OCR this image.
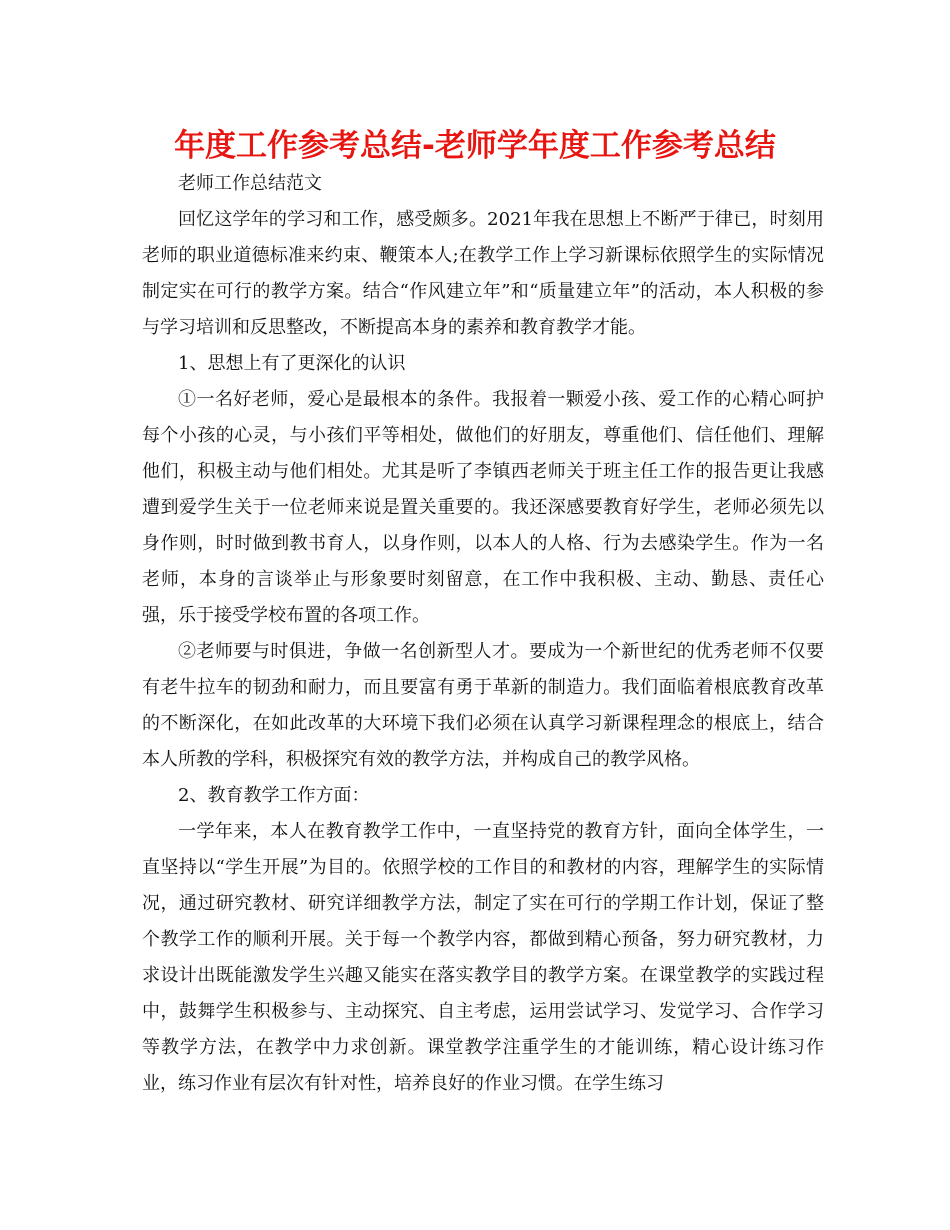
年度工作参考总结-老师学年度工作参考总结

老师工作总结范文

回忆这学年的学习和工作，感受颇多。2021年我在思想上不断严于律已，时刻用老师的职业道德标准来约束、鞭策本人;在教学工作上学习新课标依照学生的实际情况制定实在可行的教学方案。结合“作风建立年”和“质量建立年”的活动，本人积极的参与学习培训和反思整改，不断提高本身的素养和教育教学才能。

1、思想上有了更深化的认识

①一名好老师，爱心是最根本的条件。我报着一颗爱小孩、爱工作的心精心呵护每个小孩的心灵，与小孩们平等相处，做他们的好朋友，尊重他们、信任他们、理解他们，积极主动与他们相处。尤其是听了李镇西老师关于班主任工作的报告更让我感遭到爱学生关于一位老师来说是置关重要的。我还深感要教育好学生，老师必须先以身作则，时时做到教书育人，以身作则，以本人的人格、行为去感染学生。作为一名老师，本身的言谈举止与形象要时刻留意，在工作中我积极、主动、勤恳、责任心强，乐于接受学校布置的各项工作。

②老师要与时俱进，争做一名创新型人才。要成为一个新世纪的优秀老师不仅要有老牛拉车的韧劲和耐力，而且要富有勇于革新的制造力。我们面临着根底教育改革的不断深化，在如此改革的大环境下我们必须在认真学习新课程理念的根底上，结合本人所教的学科，积极探究有效的教学方法，并构成自己的教学风格。

2、教育教学工作方面：

一学年来，本人在教育教学工作中，一直坚持党的教育方针，面向全体学生，一直坚持以“学生开展”为目的。依照学校的工作目的和教材的内容，理解学生的实际情况，通过研究教材、研究详细教学方法，制定了实在可行的学期工作计划，保证了整个教学工作的顺利开展。关于每一个教学内容，都做到精心预备，努力研究教材，力求设计出既能激发学生兴趣又能实在落实教学目的教学方案。在课堂教学的实践过程中，鼓舞学生积极参与、主动探究、自主考虑，运用尝试学习、发觉学习、合作学习等教学方法，在教学中力求创新。课堂教学注重学生的才能训练，精心设计练习作业，练习作业有层次有针对性，培养良好的作业习惯。在学生练习
